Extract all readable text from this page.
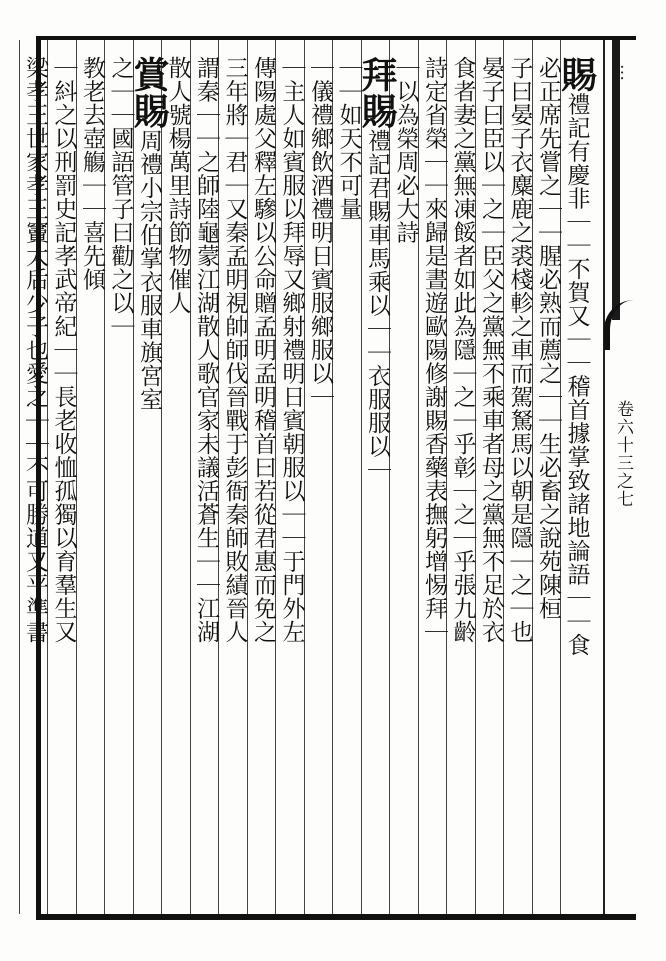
…
卷六十三之七
賜禮記有慶非｜｜不賀又｜｜稽首據掌致諸地論語｜｜食
必正席先嘗之｜｜腥必熟而薦之｜｜生必畜之說苑陳桓
子曰晏子衣麋鹿之裘棧軫之車而駕駑馬以朝是隱｜之｜也
晏子曰臣以｜之｜臣父之黨無不乘車者母之黨無不足於衣
食者妻之黨無凍餒者如此為隱｜之｜乎彰｜之｜乎張九齡
詩定省榮｜｜來歸是晝遊歐陽修謝賜香藥表撫躬增惕拜｜
｜以為榮周必大詩
拜賜禮記君賜車馬乘以｜｜衣服服以｜
｜｜如天不可量
｜儀禮鄉飲酒禮明日賓服鄉服以｜
｜主人如賓服以拜辱又鄉射禮明日賓朝服以｜｜于門外左
傳陽處父釋左驂以公命贈孟明孟明稽首曰若從君惠而免之
三年將｜君｜又秦孟明視帥師伐晉戰于彭衙秦師敗績晉人
謂秦｜｜之師陸龜蒙江湖散人歌官家未議活蒼生｜｜江湖
散人號楊萬里詩節物催人
賞賜周禮小宗伯掌衣服車旗宮室
之｜｜國語管子曰勸之以｜
教老去壺觴｜｜喜先傾
｜紏之以刑罰史記孝武帝紀｜｜長老收恤孤獨以育羣生又
梁孝王世家孝王竇太后少子也愛之｜｜不可勝道又平準書
